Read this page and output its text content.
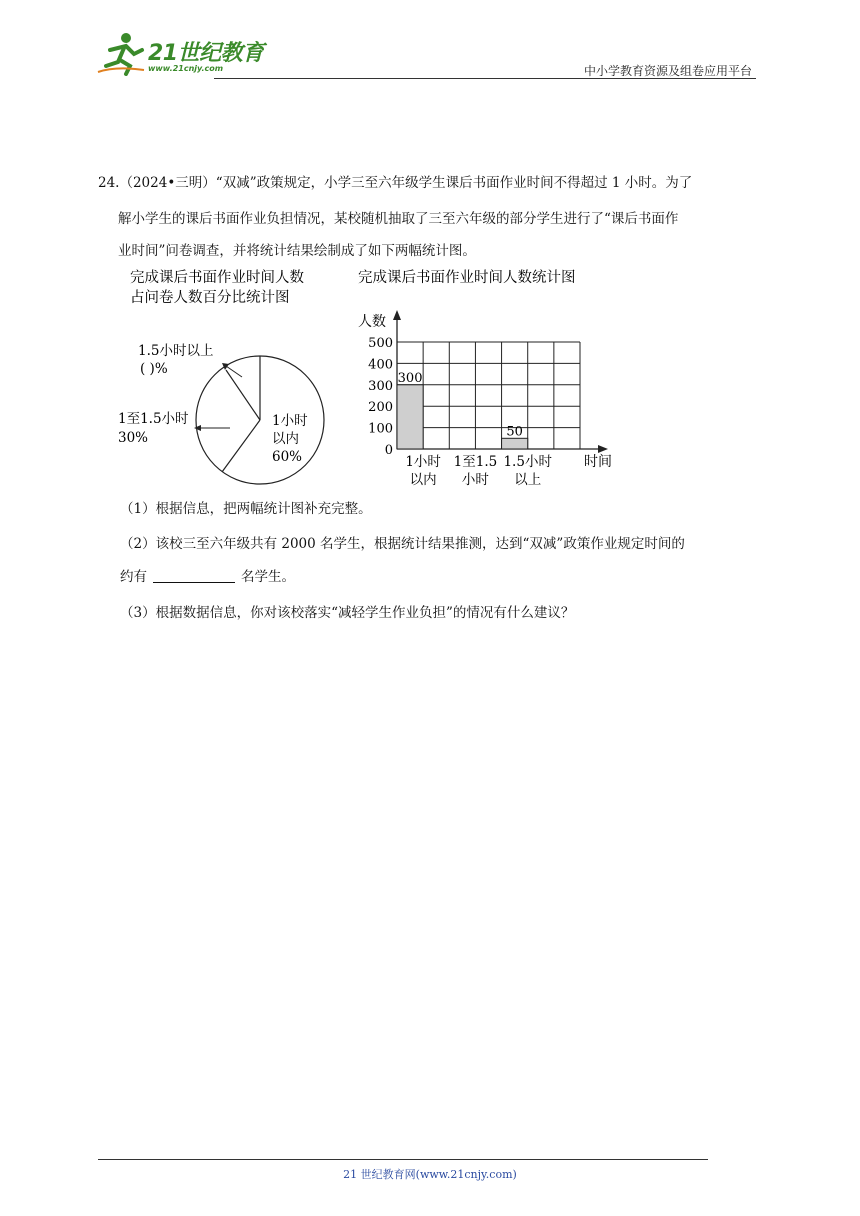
21世纪教育
www.21cnjy.com	中小学教育资源及组卷应用平台
24.（2024•三明）“双减”政策规定，小学三至六年级学生课后书面作业时间不得超过 1 小时。为了
解小学生的课后书面作业负担情况，某校随机抽取了三至六年级的部分学生进行了“课后书面作
业时间”问卷调查，并将统计结果绘制成了如下两幅统计图。
完成课后书面作业时间人数
占问卷人数百分比统计图
1.5小时以上
( )%
1至1.5小时
30%
1小时
以内
60%
完成课后书面作业时间人数统计图
人数
时间
0
100
200
300
400
500
300
1小时
以内
1至1.5
小时
50
1.5小时
以上
（1）根据信息，把两幅统计图补充完整。
（2）该校三至六年级共有 2000 名学生，根据统计结果推测，达到“双减”政策作业规定时间的
约有	名学生。
（3）根据数据信息，你对该校落实“减轻学生作业负担”的情况有什么建议？
21 世纪教育网(www.21cnjy.com)
